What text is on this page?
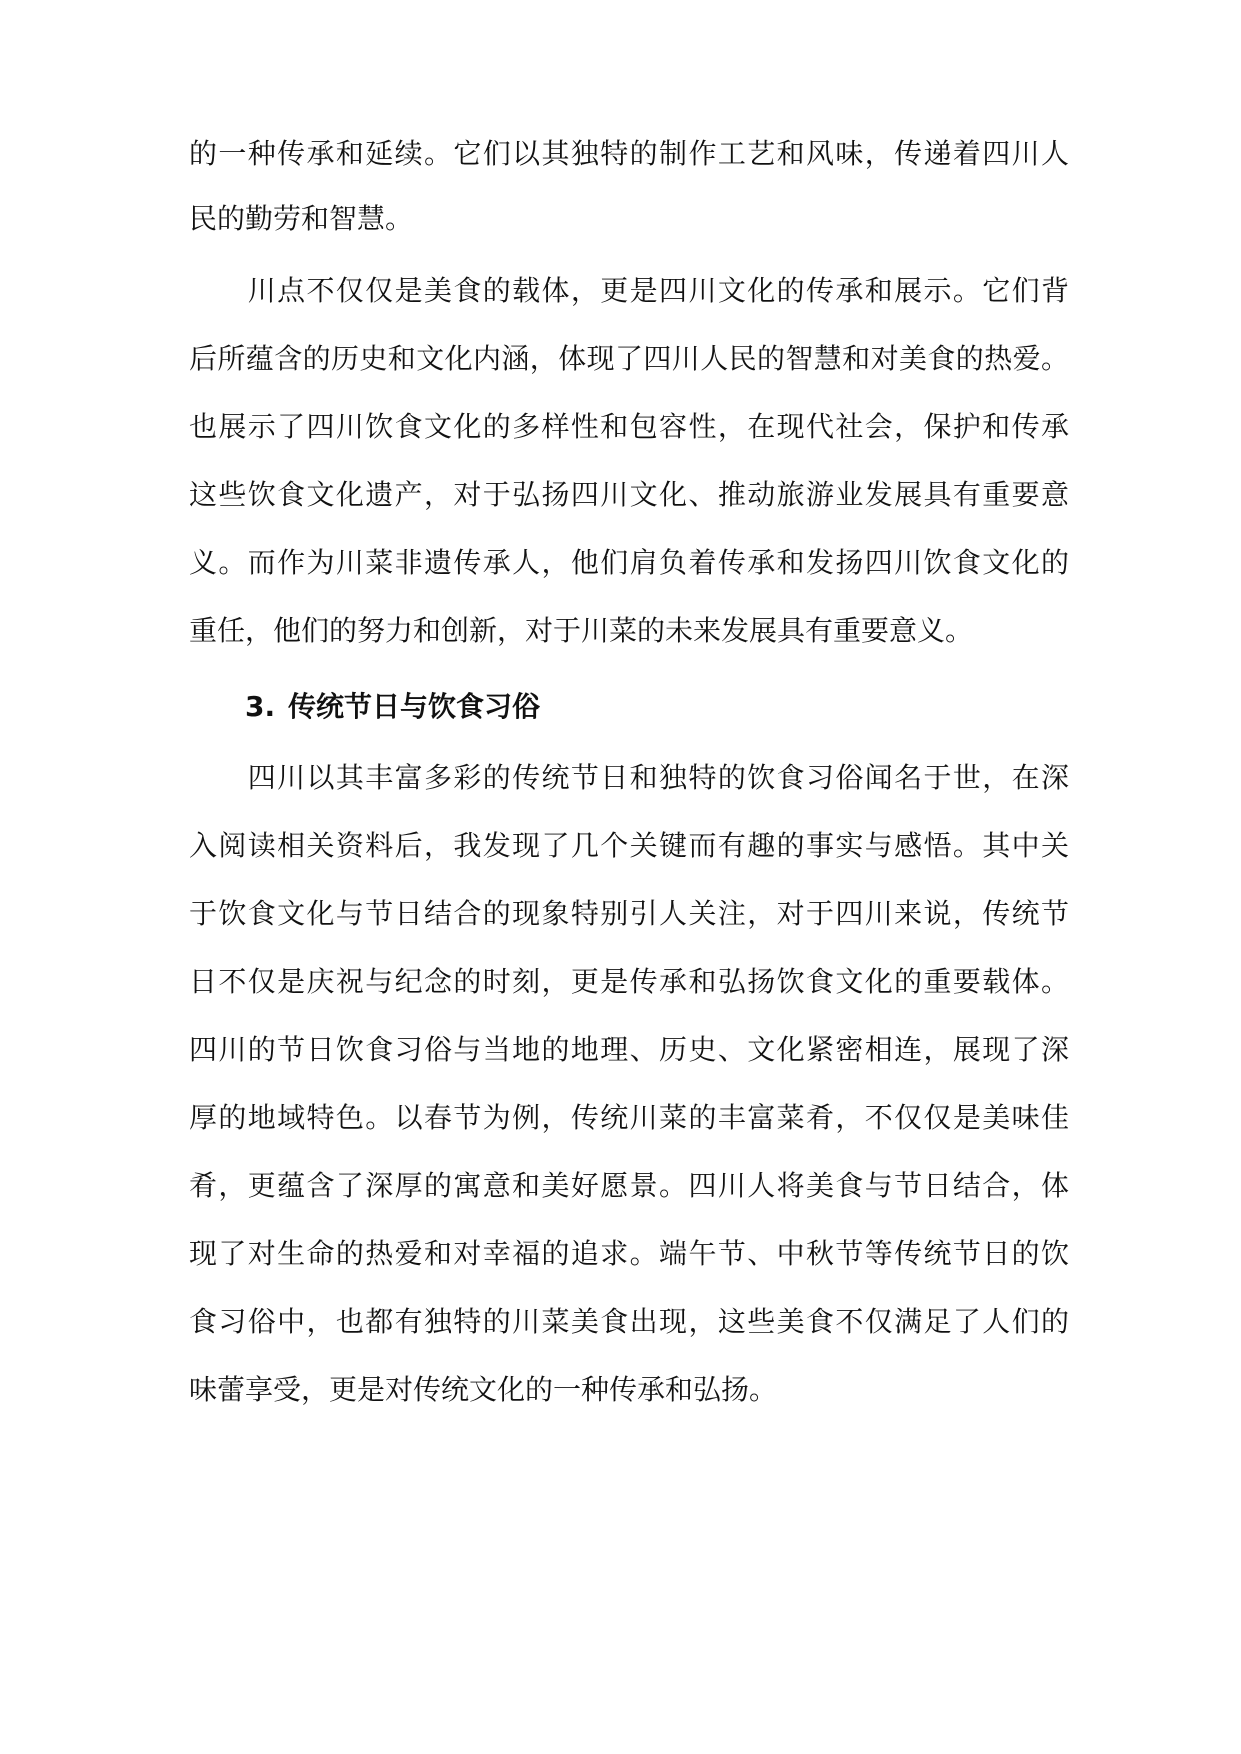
的一种传承和延续。它们以其独特的制作工艺和风味，传递着四川人
民的勤劳和智慧。
　　川点不仅仅是美食的载体，更是四川文化的传承和展示。它们背
后所蕴含的历史和文化内涵，体现了四川人民的智慧和对美食的热爱。
也展示了四川饮食文化的多样性和包容性，在现代社会，保护和传承
这些饮食文化遗产，对于弘扬四川文化、推动旅游业发展具有重要意
义。而作为川菜非遗传承人，他们肩负着传承和发扬四川饮食文化的
重任，他们的努力和创新，对于川菜的未来发展具有重要意义。
3. 传统节日与饮食习俗
　　四川以其丰富多彩的传统节日和独特的饮食习俗闻名于世，在深
入阅读相关资料后，我发现了几个关键而有趣的事实与感悟。其中关
于饮食文化与节日结合的现象特别引人关注，对于四川来说，传统节
日不仅是庆祝与纪念的时刻，更是传承和弘扬饮食文化的重要载体。
四川的节日饮食习俗与当地的地理、历史、文化紧密相连，展现了深
厚的地域特色。以春节为例，传统川菜的丰富菜肴，不仅仅是美味佳
肴，更蕴含了深厚的寓意和美好愿景。四川人将美食与节日结合，体
现了对生命的热爱和对幸福的追求。端午节、中秋节等传统节日的饮
食习俗中，也都有独特的川菜美食出现，这些美食不仅满足了人们的
味蕾享受，更是对传统文化的一种传承和弘扬。
